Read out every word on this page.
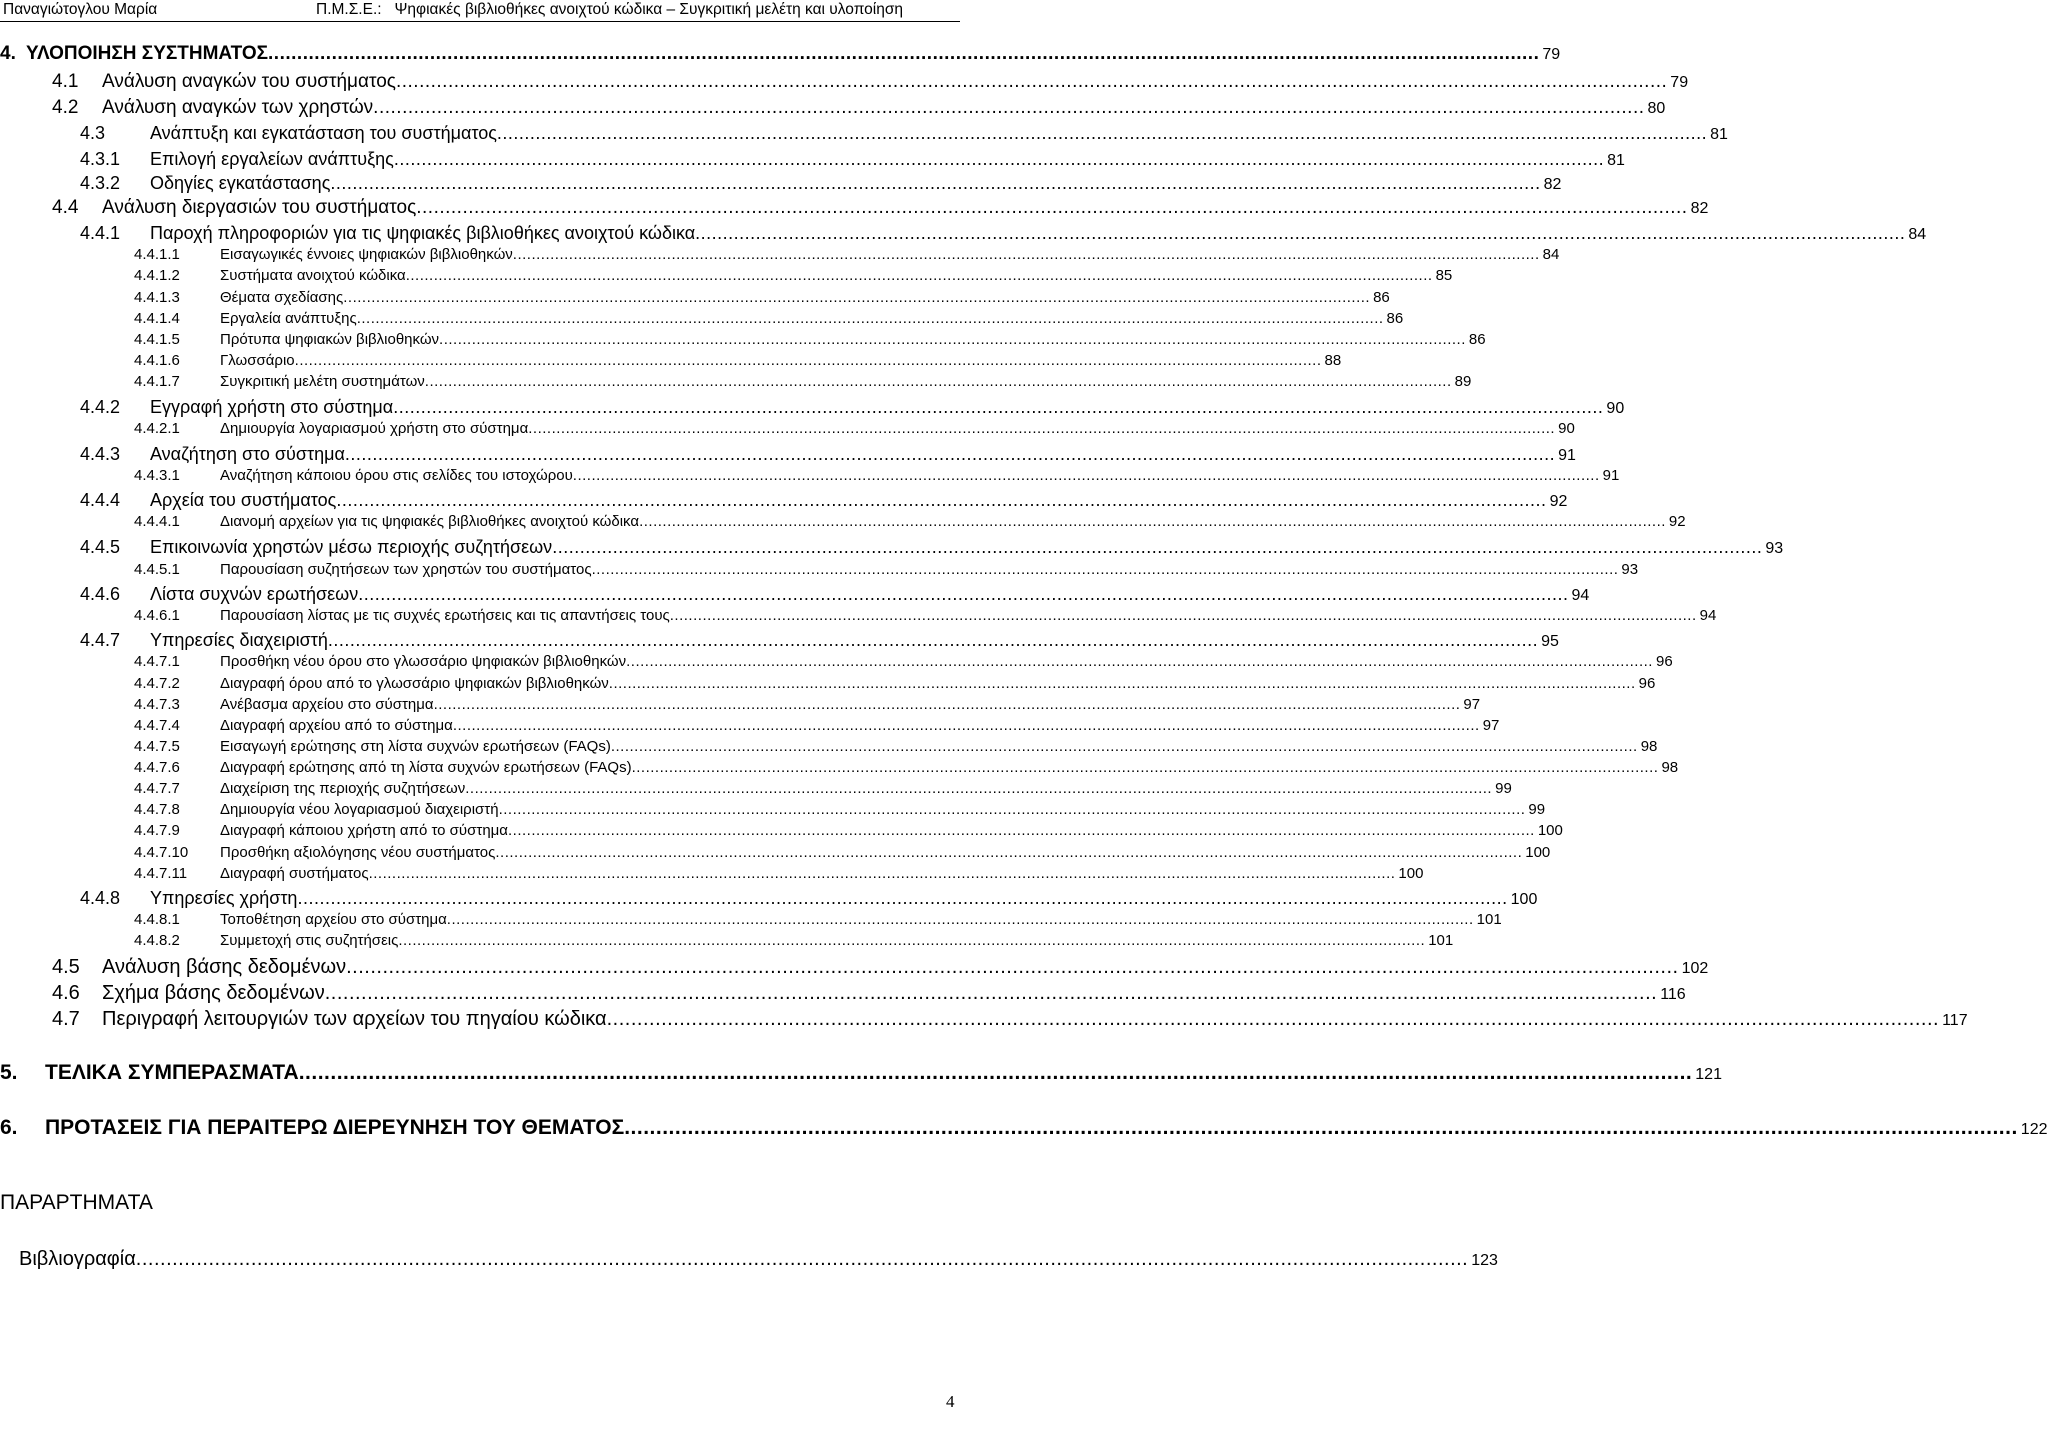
Παναγιώτογλου Μαρία	Π.Μ.Σ.Ε.: Ψηφιακές βιβλιοθήκες ανοιχτού κώδικα – Συγκριτική μελέτη και υλοποίηση
4. ΥΛΟΠΟΙΗΣΗ ΣΥΣΤΗΜΑΤΟΣ ............................................................................................................................................................................................................................ 79
4.1	Ανάλυση αναγκών του συστήματος ............................................................................................................................................................................................................................ 79
4.2	Ανάλυση αναγκών των χρηστών ............................................................................................................................................................................................................................ 80
4.3	Ανάπτυξη και εγκατάσταση του συστήματος ............................................................................................................................................................................................................................ 81
4.3.1	Επιλογή εργαλείων ανάπτυξης ............................................................................................................................................................................................................................ 81
4.3.2	Οδηγίες εγκατάστασης ............................................................................................................................................................................................................................ 82
4.4	Ανάλυση διεργασιών του συστήματος ............................................................................................................................................................................................................................ 82
4.4.1	Παροχή πληροφοριών για τις ψηφιακές βιβλιοθήκες ανοιχτού κώδικα ............................................................................................................................................................................................................................ 84
4.4.1.1	Εισαγωγικές έννοιες ψηφιακών βιβλιοθηκών ............................................................................................................................................................................................................................ 84
4.4.1.2	Συστήματα ανοιχτού κώδικα ............................................................................................................................................................................................................................ 85
4.4.1.3	Θέματα σχεδίασης ............................................................................................................................................................................................................................ 86
4.4.1.4	Εργαλεία ανάπτυξης ............................................................................................................................................................................................................................ 86
4.4.1.5	Πρότυπα ψηφιακών βιβλιοθηκών ............................................................................................................................................................................................................................ 86
4.4.1.6	Γλωσσάριο ............................................................................................................................................................................................................................ 88
4.4.1.7	Συγκριτική μελέτη συστημάτων ............................................................................................................................................................................................................................ 89
4.4.2	Εγγραφή χρήστη στο σύστημα ............................................................................................................................................................................................................................ 90
4.4.2.1	Δημιουργία λογαριασμού χρήστη στο σύστημα ............................................................................................................................................................................................................................ 90
4.4.3	Αναζήτηση στο σύστημα ............................................................................................................................................................................................................................ 91
4.4.3.1	Αναζήτηση κάποιου όρου στις σελίδες του ιστοχώρου ............................................................................................................................................................................................................................ 91
4.4.4	Αρχεία του συστήματος ............................................................................................................................................................................................................................ 92
4.4.4.1	Διανομή αρχείων για τις ψηφιακές βιβλιοθήκες ανοιχτού κώδικα ............................................................................................................................................................................................................................ 92
4.4.5	Επικοινωνία χρηστών μέσω περιοχής συζητήσεων ............................................................................................................................................................................................................................ 93
4.4.5.1	Παρουσίαση συζητήσεων των χρηστών του συστήματος ............................................................................................................................................................................................................................ 93
4.4.6	Λίστα συχνών ερωτήσεων ............................................................................................................................................................................................................................ 94
4.4.6.1	Παρουσίαση λίστας με τις συχνές ερωτήσεις και τις απαντήσεις τους ............................................................................................................................................................................................................................ 94
4.4.7	Υπηρεσίες διαχειριστή ............................................................................................................................................................................................................................ 95
4.4.7.1	Προσθήκη νέου όρου στο γλωσσάριο ψηφιακών βιβλιοθηκών ............................................................................................................................................................................................................................ 96
4.4.7.2	Διαγραφή όρου από το γλωσσάριο ψηφιακών βιβλιοθηκών ............................................................................................................................................................................................................................ 96
4.4.7.3	Ανέβασμα αρχείου στο σύστημα ............................................................................................................................................................................................................................ 97
4.4.7.4	Διαγραφή αρχείου από το σύστημα ............................................................................................................................................................................................................................ 97
4.4.7.5	Εισαγωγή ερώτησης στη λίστα συχνών ερωτήσεων (FAQs) ............................................................................................................................................................................................................................ 98
4.4.7.6	Διαγραφή ερώτησης από τη λίστα συχνών ερωτήσεων (FAQs) ............................................................................................................................................................................................................................ 98
4.4.7.7	Διαχείριση της περιοχής συζητήσεων ............................................................................................................................................................................................................................ 99
4.4.7.8	Δημιουργία νέου λογαριασμού διαχειριστή ............................................................................................................................................................................................................................ 99
4.4.7.9	Διαγραφή κάποιου χρήστη από το σύστημα ............................................................................................................................................................................................................................ 100
4.4.7.10	Προσθήκη αξιολόγησης νέου συστήματος ............................................................................................................................................................................................................................ 100
4.4.7.11	Διαγραφή συστήματος ............................................................................................................................................................................................................................ 100
4.4.8	Υπηρεσίες χρήστη ............................................................................................................................................................................................................................ 100
4.4.8.1	Τοποθέτηση αρχείου στο σύστημα ............................................................................................................................................................................................................................ 101
4.4.8.2	Συμμετοχή στις συζητήσεις ............................................................................................................................................................................................................................ 101
4.5	Ανάλυση βάσης δεδομένων ............................................................................................................................................................................................................................ 102
4.6	Σχήμα βάσης δεδομένων ............................................................................................................................................................................................................................ 116
4.7	Περιγραφή λειτουργιών των αρχείων του πηγαίου κώδικα ............................................................................................................................................................................................................................ 117
5.	ΤΕΛΙΚΑ ΣΥΜΠΕΡΑΣΜΑΤΑ ............................................................................................................................................................................................................................ 121
6.	ΠΡΟΤΑΣΕΙΣ ΓΙΑ ΠΕΡΑΙΤΕΡΩ ΔΙΕΡΕΥΝΗΣΗ ΤΟΥ ΘΕΜΑΤΟΣ ............................................................................................................................................................................................................................ 122
ΠΑΡΑΡΤΗΜΑΤΑ
Βιβλιογραφία ............................................................................................................................................................................................................................ 123
4
